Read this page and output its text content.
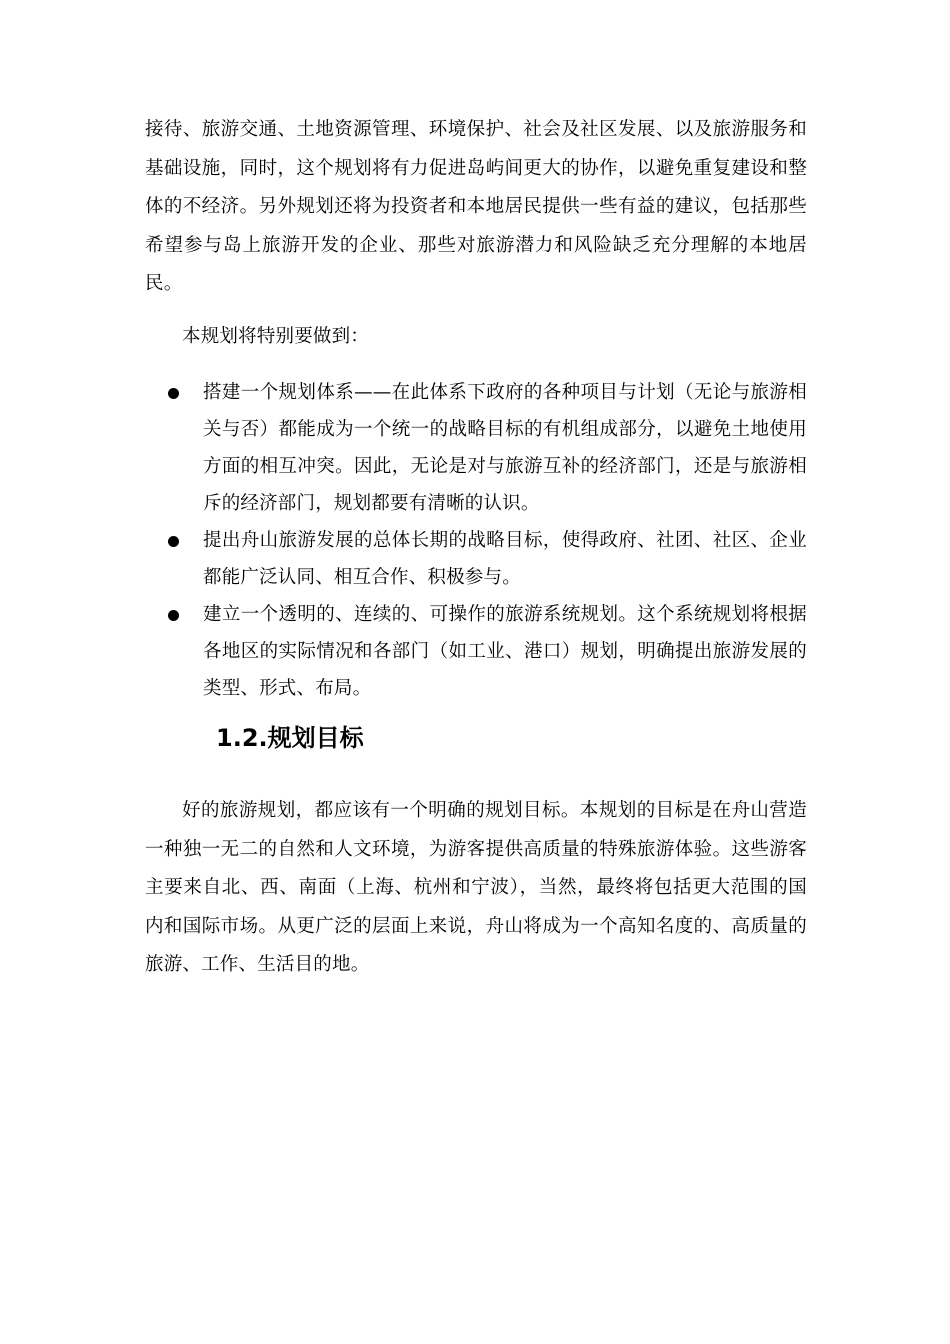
接待、旅游交通、土地资源管理、环境保护、社会及社区发展、以及旅游服务和基础设施，同时，这个规划将有力促进岛屿间更大的协作，以避免重复建设和整体的不经济。另外规划还将为投资者和本地居民提供一些有益的建议，包括那些希望参与岛上旅游开发的企业、那些对旅游潜力和风险缺乏充分理解的本地居民。

本规划将特别要做到：

搭建一个规划体系——在此体系下政府的各种项目与计划（无论与旅游相关与否）都能成为一个统一的战略目标的有机组成部分，以避免土地使用方面的相互冲突。因此，无论是对与旅游互补的经济部门，还是与旅游相斥的经济部门，规划都要有清晰的认识。
提出舟山旅游发展的总体长期的战略目标，使得政府、社团、社区、企业都能广泛认同、相互合作、积极参与。
建立一个透明的、连续的、可操作的旅游系统规划。这个系统规划将根据各地区的实际情况和各部门（如工业、港口）规划，明确提出旅游发展的类型、形式、布局。
1.2.规划目标

好的旅游规划，都应该有一个明确的规划目标。本规划的目标是在舟山营造一种独一无二的自然和人文环境，为游客提供高质量的特殊旅游体验。这些游客主要来自北、西、南面（上海、杭州和宁波），当然，最终将包括更大范围的国内和国际市场。从更广泛的层面上来说，舟山将成为一个高知名度的、高质量的旅游、工作、生活目的地。
